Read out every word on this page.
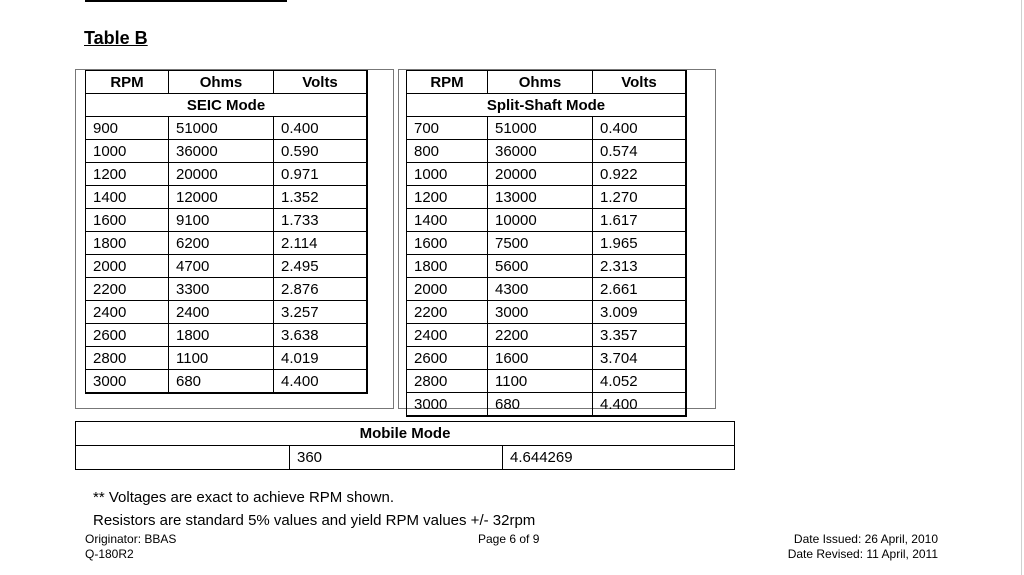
Table B
RPM	Ohms	Volts
SEIC Mode		
900	51000	0.400
1000	36000	0.590
1200	20000	0.971
1400	12000	1.352
1600	9100	1.733
1800	6200	2.114
2000	4700	2.495
2200	3300	2.876
2400	2400	3.257
2600	1800	3.638
2800	1100	4.019
3000	680	4.400
RPM	Ohms	Volts
Split-Shaft Mode		
700	51000	0.400
800	36000	0.574
1000	20000	0.922
1200	13000	1.270
1400	10000	1.617
1600	7500	1.965
1800	5600	2.313
2000	4300	2.661
2200	3000	3.009
2400	2200	3.357
2600	1600	3.704
2800	1100	4.052
3000	680	4.400
Mobile Mode
	360	4.644269
** Voltages are exact to achieve RPM shown.
Resistors are standard 5% values and yield RPM values +/- 32rpm
Originator: BBAS
Q-180R2
Page 6 of 9	Date Issued: 26 April, 2010
Date Revised: 11 April, 2011
